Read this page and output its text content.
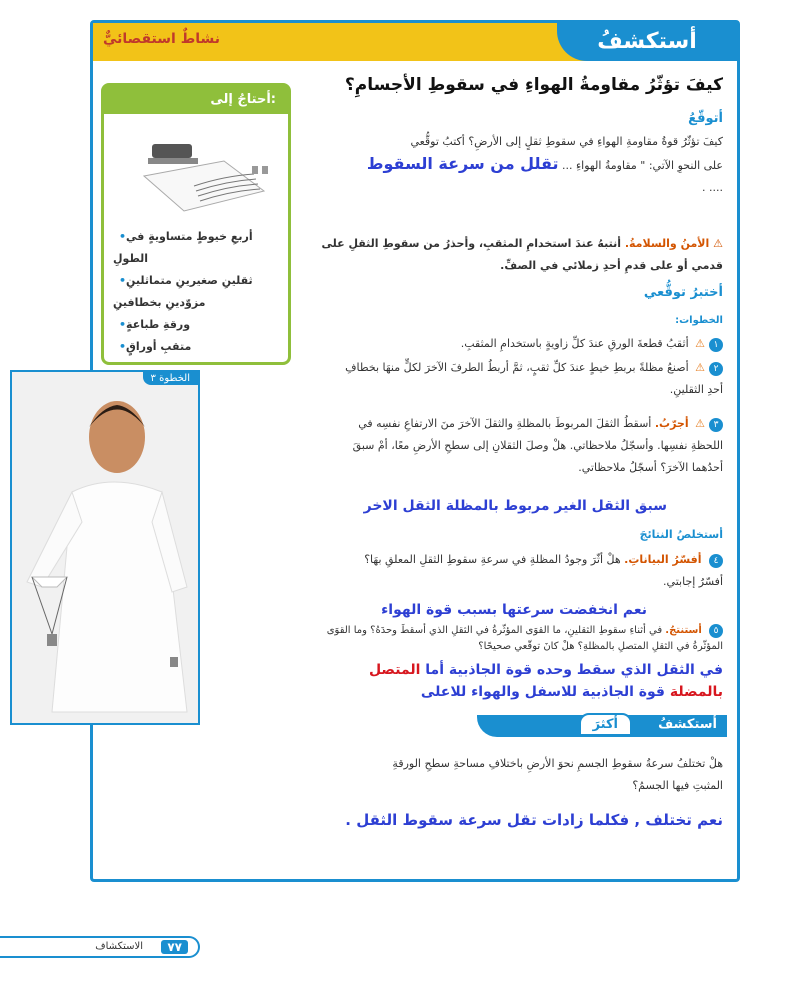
نشاطٌ استقصائيٌّ	أستكشفُ
كيفَ تؤثّرُ مقاومةُ الهواءِ في سقوطِ الأجسامِ؟
أتوقّعُ
كيفَ تؤثّرُ قوةُ مقاومةِ الهواءِ في سقوطِ ثقلٍ إلى الأرضِ؟ أكتبُ توقُّعي
على النحوِ الآتي: " مقاومةُ الهواءِ ... تقلل من سرعة السقوط
.... .
⚠ الأمنُ والسلامةُ. أنتبهُ عندَ استخدامِ المثقبِ، وأحذرُ من سقوطِ الثقلِ على قدمي أو على قدمِ أحدِ زملائي في الصفِّ.
أختبرُ توقُّعي
الخطوات:
١⚠ أثقبُ قطعةَ الورقِ عندَ كلِّ زاويةٍ باستخدامِ المثقبِ.
٢⚠ أصنعُ مظلةً بربطِ خيطٍ عندَ كلِّ ثقبٍ، ثمَّ أربطُ الطرفَ الآخرَ لكلٍّ منهَا بخطافِ أحدِ الثقلينِ.
٣⚠ أجرّبُ. أسقطُ الثقلَ المربوطَ بالمظلةِ والثقلَ الآخرَ منَ الارتفاعِ نفسِه في اللحظةِ نفسِها. وأسجّلُ ملاحظاتي. هلْ وصلَ الثقلانِ إلى سطحِ الأرضِ معًا، أمْ سبقَ أحدُهما الآخرَ؟ أسجّلُ ملاحظاتي.
سبق الثقل الغير مربوط بالمظلة الثقل الاخر
أستخلصُ النتائجَ
٤ أفسّرُ البياناتِ. هلْ أثّرَ وجودُ المظلةِ في سرعةِ سقوطِ الثقلِ المعلقِ بهَا؟ أفسّرُ إجابتي.
نعم انخفضت سرعتها بسبب قوة الهواء
٥ أستنتجُ. في أثناءِ سقوطِ الثقلينِ، ما القوَى المؤثّرةُ في الثقلِ الذي أسقطَ وحدَهُ؟ وما القوَى المؤثّرةُ في الثقلِ المتصلِ بالمظلةِ؟ هلْ كانَ توقّعي صحيحًا؟
في الثقل الذي سقط وحده قوة الجاذبية أما المتصل
بالمضلة قوة الجاذبية للاسفل والهواء للاعلى
أستكشفُ
أكثرَ
هلْ تختلفُ سرعةُ سقوطِ الجسمِ نحوَ الأرضِ باختلافِ مساحةِ سطحِ الورقةِ
المثبتِ فيها الجسمُ؟
نعم تختلف , فكلما زادات تقل سرعة سقوط الثقل .
أحتاجُ إلى:
• أربعِ خيوطٍ متساويةٍ في الطولِ
• ثقلينِ صغيرينِ متماثلينِ مزوّدينِ بخطافينِ
• ورقةِ طباعةٍ
• متقبِ أوراقٍ
الخطوة ٣
٧٧
الاستكشاف
